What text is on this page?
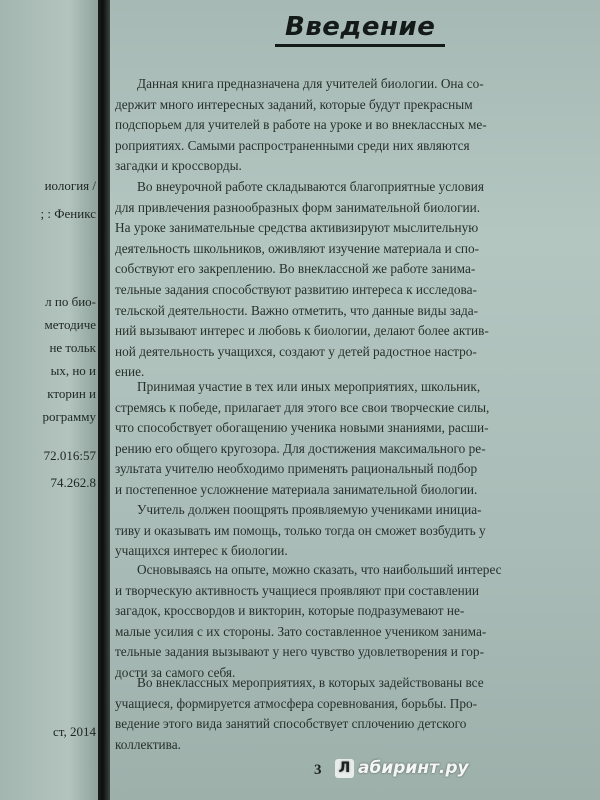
иология /
; : Феникс
л по био-
методиче
не тольк
ых, но и
кторин и
рограмму
72.016:57
74.262.8
ст, 2014
Введение
Данная книга предназначена для учителей биологии. Она со-
держит много интересных заданий, которые будут прекрасным
подспорьем для учителей в работе на уроке и во внеклассных ме-
роприятиях. Самыми распространенными среди них являются
загадки и кроссворды.
Во внеурочной работе складываются благоприятные условия
для привлечения разнообразных форм занимательной биологии.
На уроке занимательные средства активизируют мыслительную
деятельность школьников, оживляют изучение материала и спо-
собствуют его закреплению. Во внеклассной же работе занима-
тельные задания способствуют развитию интереса к исследова-
тельской деятельности. Важно отметить, что данные виды зада-
ний вызывают интерес и любовь к биологии, делают более актив-
ной деятельность учащихся, создают у детей радостное настро-
ение.
Принимая участие в тех или иных мероприятиях, школьник,
стремясь к победе, прилагает для этого все свои творческие силы,
что способствует обогащению ученика новыми знаниями, расши-
рению его общего кругозора. Для достижения максимального ре-
зультата учителю необходимо применять рациональный подбор
и постепенное усложнение материала занимательной биологии.
Учитель должен поощрять проявляемую учениками инициа-
тиву и оказывать им помощь, только тогда он сможет возбудить у
учащихся интерес к биологии.
Основываясь на опыте, можно сказать, что наибольший интерес
и творческую активность учащиеся проявляют при составлении
загадок, кроссвордов и викторин, которые подразумевают не-
малые усилия с их стороны. Зато составленное учеником занима-
тельные задания вызывают у него чувство удовлетворения и гор-
дости за самого себя.
Во внеклассных мероприятиях, в которых задействованы все
учащиеся, формируется атмосфера соревнования, борьбы. Про-
ведение этого вида занятий способствует сплочению детского
коллектива.
3 Л абиринт.ру
